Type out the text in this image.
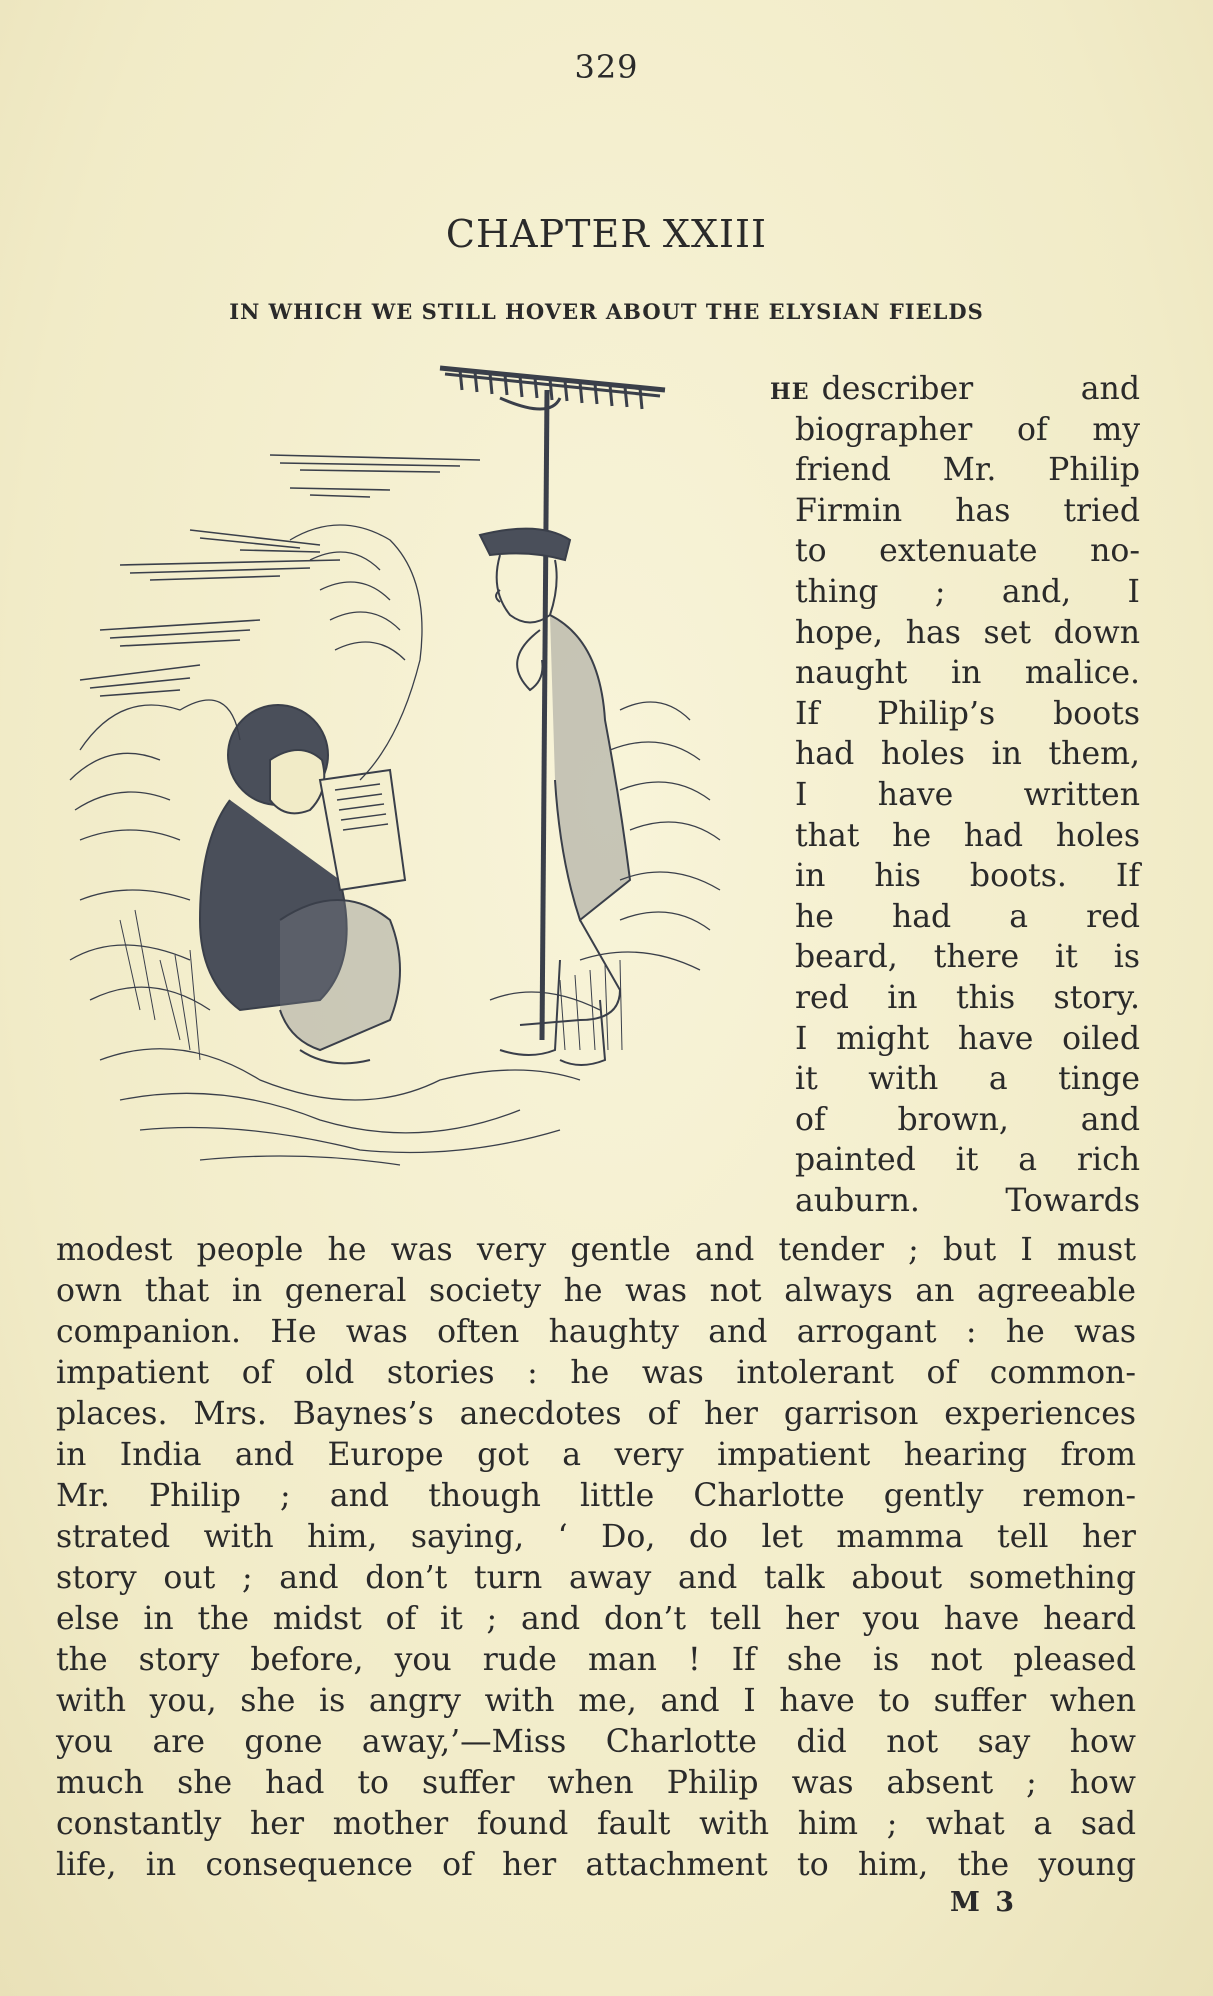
329
CHAPTER XXIII
IN WHICH WE STILL HOVER ABOUT THE ELYSIAN FIELDS
HE describer and
biographer of my
friend Mr. Philip
Firmin has tried
to extenuate no-
thing ; and, I
hope, has set down
naught in malice.
If Philip’s boots
had holes in them,
I have written
that he had holes
in his boots. If
he had a red
beard, there it is
red in this story.
I might have oiled
it with a tinge
of brown, and
painted it a rich
auburn. Towards
modest people he was very gentle and tender ; but I must
own that in general society he was not always an agreeable
companion. He was often haughty and arrogant : he was
impatient of old stories : he was intolerant of common-
places. Mrs. Baynes’s anecdotes of her garrison experiences
in India and Europe got a very impatient hearing from
Mr. Philip ; and though little Charlotte gently remon-
strated with him, saying, ‘ Do, do let mamma tell her
story out ; and don’t turn away and talk about something
else in the midst of it ; and don’t tell her you have heard
the story before, you rude man ! If she is not pleased
with you, she is angry with me, and I have to suffer when
you are gone away,’—Miss Charlotte did not say how
much she had to suffer when Philip was absent ; how
constantly her mother found fault with him ; what a sad
life, in consequence of her attachment to him, the young
M 3
